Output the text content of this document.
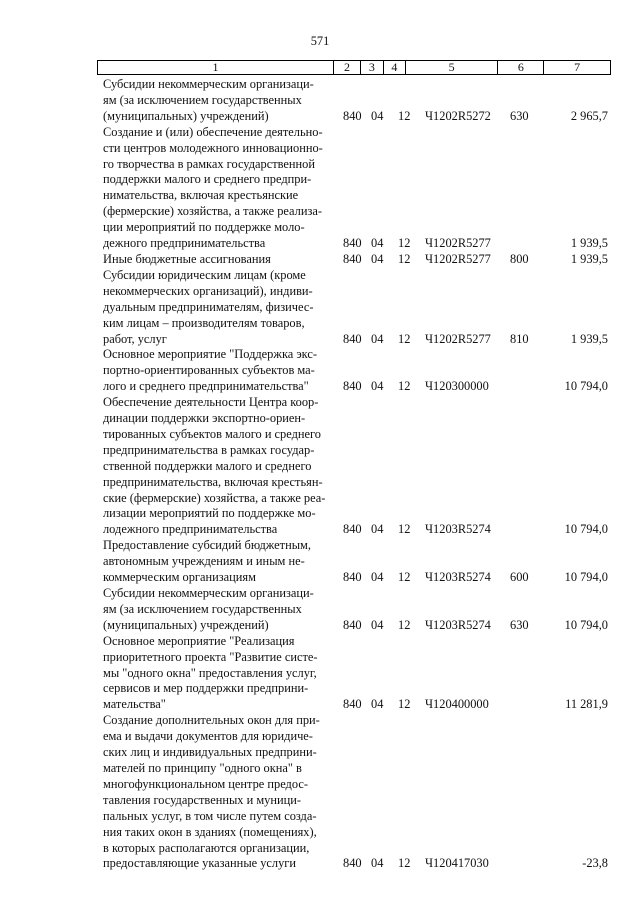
571
1	2	3	4	5	6	7
Субсидии некоммерческим организаци-
ям (за исключением государственных
(муниципальных) учреждений)	840 04 12 Ч1202R5272 630	2 965,7
Создание и (или) обеспечение деятельно-
сти центров молодежного инновационно-
го творчества в рамках государственной
поддержки малого и среднего предпри-
нимательства, включая крестьянские
(фермерские) хозяйства, а также реализа-
ции мероприятий по поддержке моло-
дежного предпринимательства	840 04 12 Ч1202R5277	1 939,5
Иные бюджетные ассигнования	840 04 12 Ч1202R5277 800	1 939,5
Субсидии юридическим лицам (кроме
некоммерческих организаций), индиви-
дуальным предпринимателям, физичес-
ким лицам – производителям товаров,
работ, услуг	840 04 12 Ч1202R5277 810	1 939,5
Основное мероприятие "Поддержка экс-
портно-ориентированных субъектов ма-
лого и среднего предпринимательства"	840 04 12 Ч120300000	10 794,0
Обеспечение деятельности Центра коор-
динации поддержки экспортно-ориен-
тированных субъектов малого и среднего
предпринимательства в рамках государ-
ственной поддержки малого и среднего
предпринимательства, включая крестьян-
ские (фермерские) хозяйства, а также реа-
лизации мероприятий по поддержке мо-
лодежного предпринимательства	840 04 12 Ч1203R5274	10 794,0
Предоставление субсидий бюджетным,
автономным учреждениям и иным не-
коммерческим организациям	840 04 12 Ч1203R5274 600	10 794,0
Субсидии некоммерческим организаци-
ям (за исключением государственных
(муниципальных) учреждений)	840 04 12 Ч1203R5274 630	10 794,0
Основное мероприятие "Реализация
приоритетного проекта "Развитие систе-
мы "одного окна" предоставления услуг,
сервисов и мер поддержки предприни-
мательства"	840 04 12 Ч120400000	11 281,9
Создание дополнительных окон для при-
ема и выдачи документов для юридиче-
ских лиц и индивидуальных предприни-
мателей по принципу "одного окна" в
многофункциональном центре предос-
тавления государственных и муници-
пальных услуг, в том числе путем созда-
ния таких окон в зданиях (помещениях),
в которых располагаются организации,
предоставляющие указанные услуги	840 04 12 Ч120417030	-23,8
